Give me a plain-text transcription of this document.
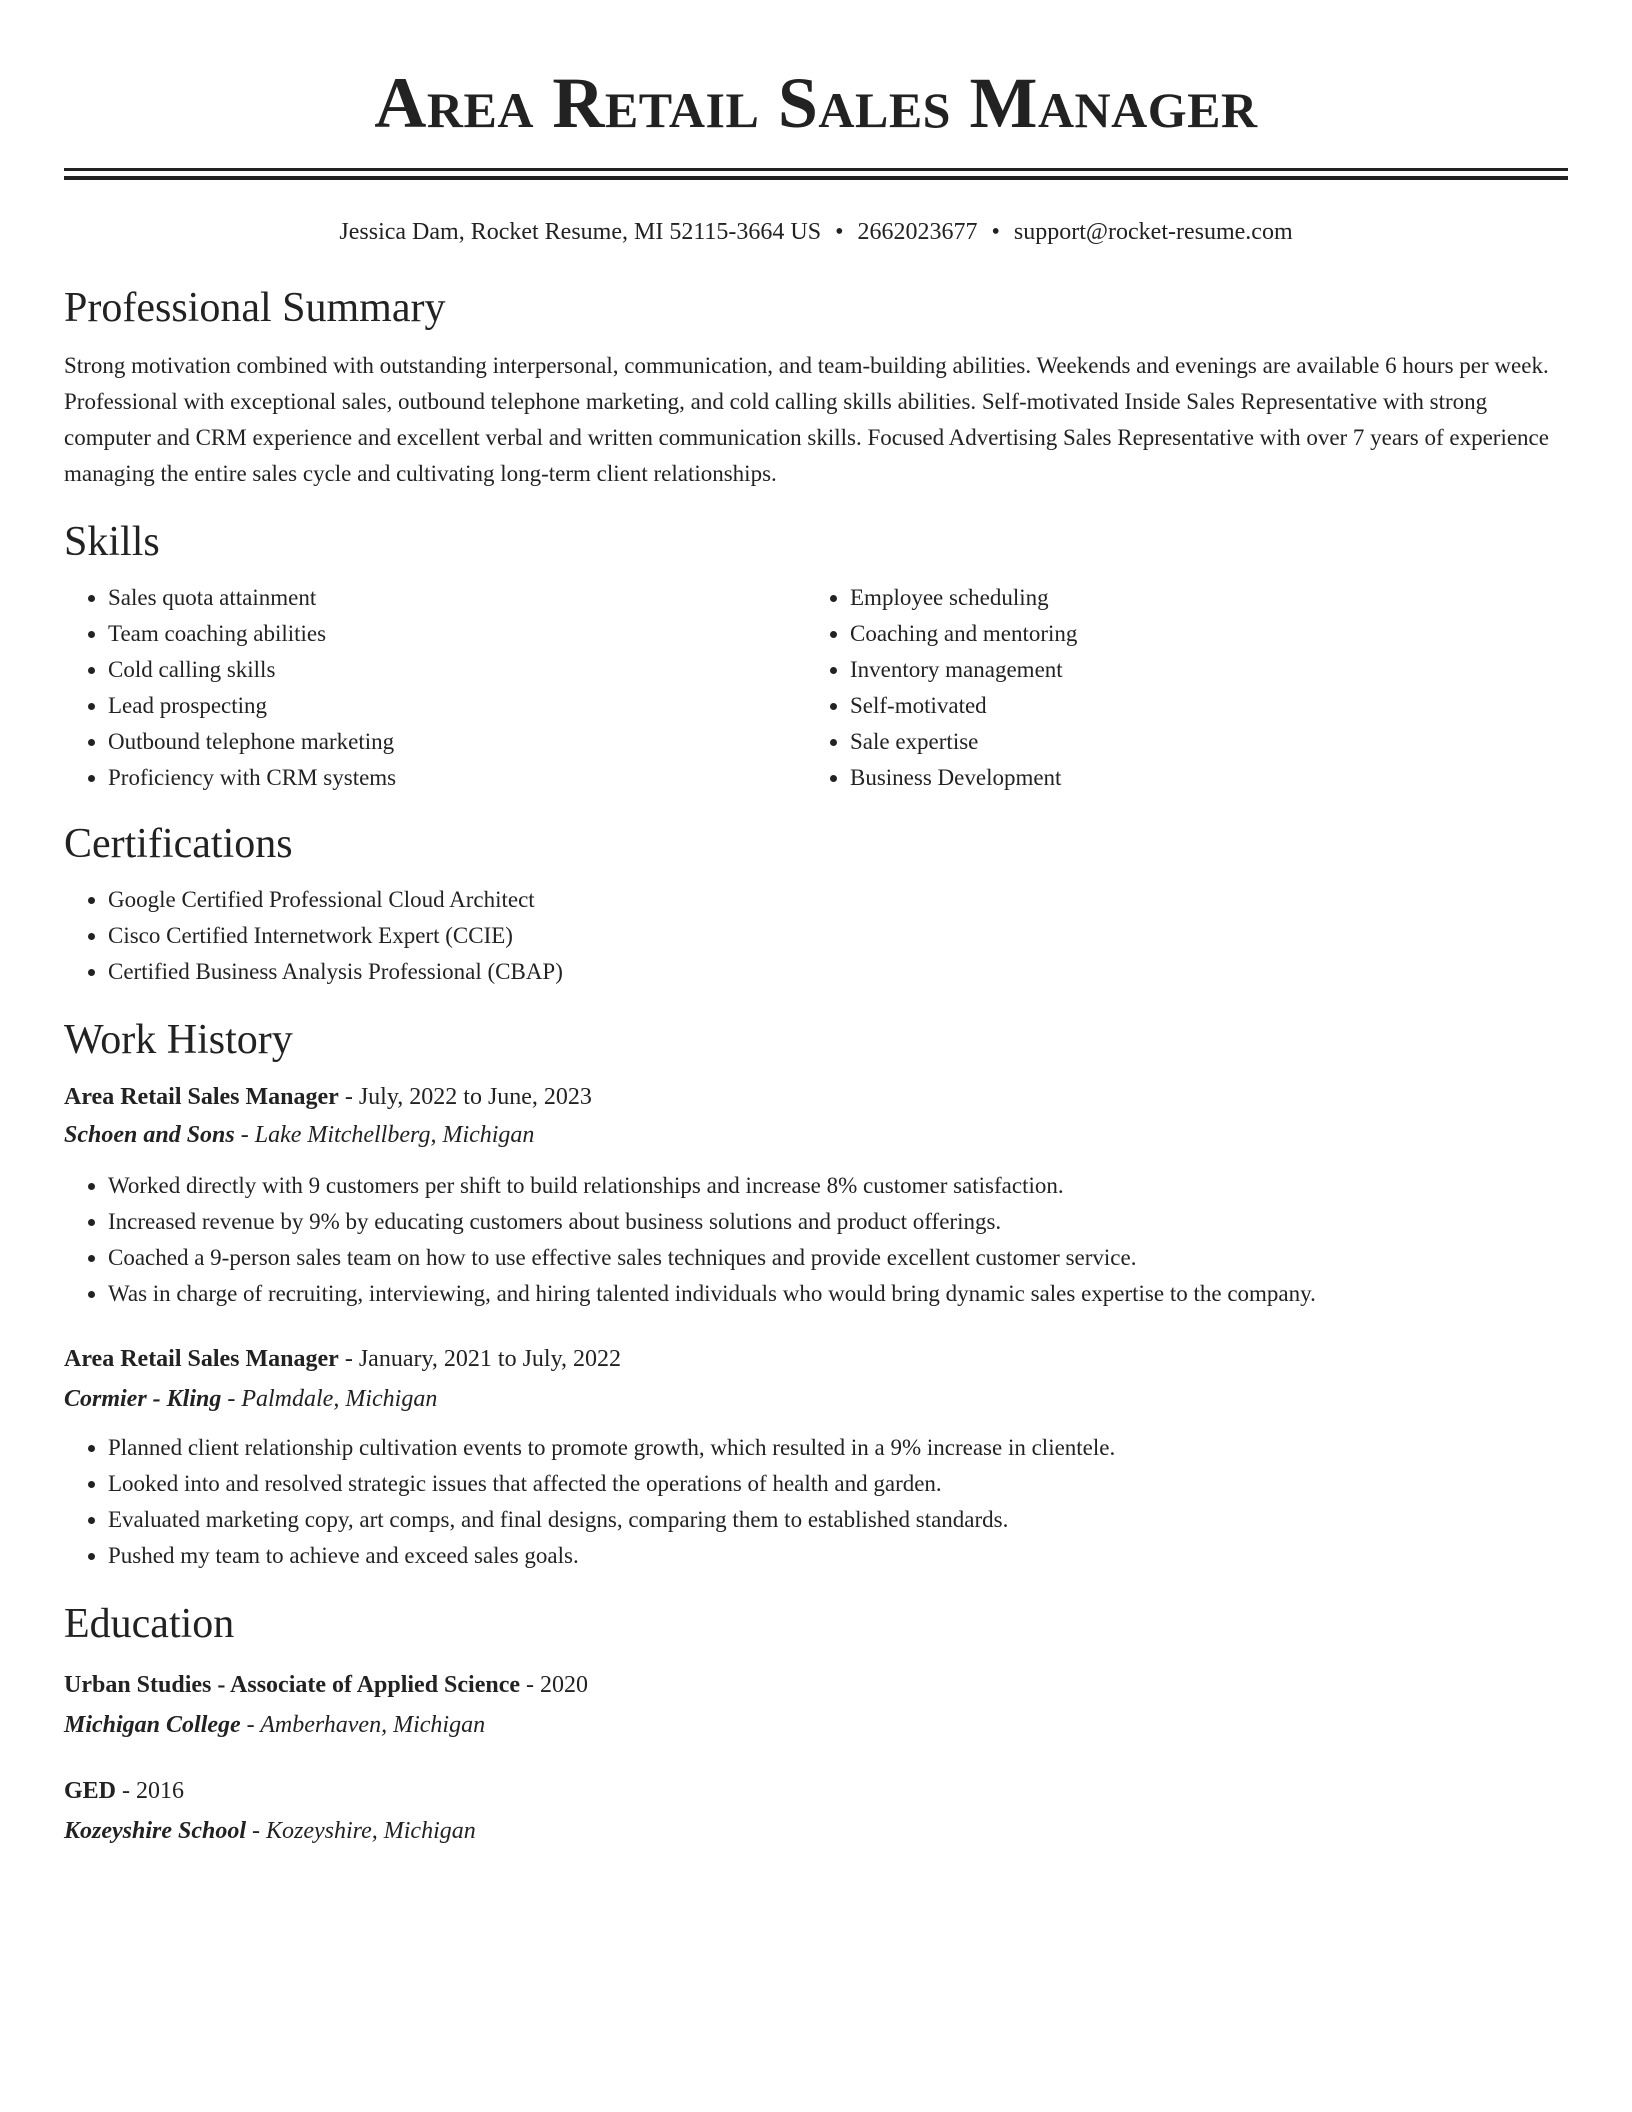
Area Retail Sales Manager
Jessica Dam, Rocket Resume, MI 52115-3664 US • 2662023677 • support@rocket-resume.com
Professional Summary

Strong motivation combined with outstanding interpersonal, communication, and team-building abilities. Weekends and evenings are available 6 hours per week. Professional with exceptional sales, outbound telephone marketing, and cold calling skills abilities. Self-motivated Inside Sales Representative with strong computer and CRM experience and excellent verbal and written communication skills. Focused Advertising Sales Representative with over 7 years of experience managing the entire sales cycle and cultivating long-term client relationships.

Skills
• Sales quota attainment
• Team coaching abilities
• Cold calling skills
• Lead prospecting
• Outbound telephone marketing
• Proficiency with CRM systems
• Employee scheduling
• Coaching and mentoring
• Inventory management
• Self-motivated
• Sale expertise
• Business Development
Certifications
• Google Certified Professional Cloud Architect
• Cisco Certified Internetwork Expert (CCIE)
• Certified Business Analysis Professional (CBAP)
Work History

Area Retail Sales Manager - July, 2022 to June, 2023

Schoen and Sons - Lake Mitchellberg, Michigan

• Worked directly with 9 customers per shift to build relationships and increase 8% customer satisfaction.
• Increased revenue by 9% by educating customers about business solutions and product offerings.
• Coached a 9-person sales team on how to use effective sales techniques and provide excellent customer service.
• Was in charge of recruiting, interviewing, and hiring talented individuals who would bring dynamic sales expertise to the company.

Area Retail Sales Manager - January, 2021 to July, 2022

Cormier - Kling - Palmdale, Michigan

• Planned client relationship cultivation events to promote growth, which resulted in a 9% increase in clientele.
• Looked into and resolved strategic issues that affected the operations of health and garden.
• Evaluated marketing copy, art comps, and final designs, comparing them to established standards.
• Pushed my team to achieve and exceed sales goals.
Education

Urban Studies - Associate of Applied Science - 2020

Michigan College - Amberhaven, Michigan

GED - 2016

Kozeyshire School - Kozeyshire, Michigan
